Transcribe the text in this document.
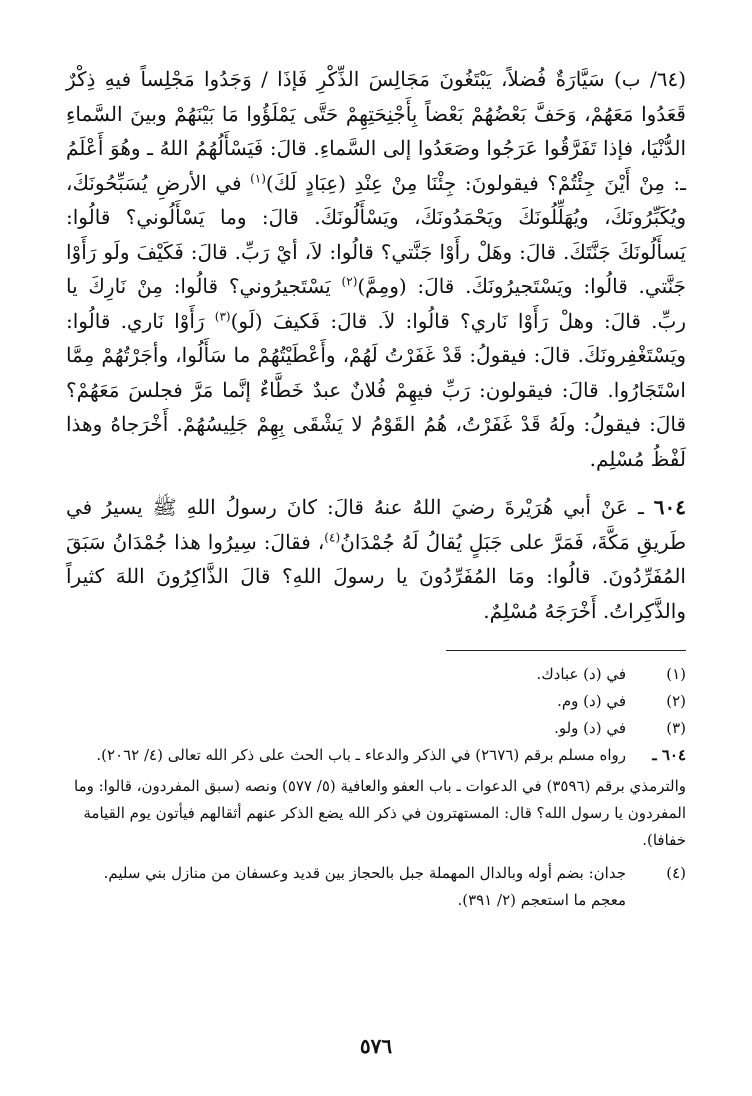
(٦٤/ ب) سَيَّارَةٌ فُضلاً، يَبْتَغُونَ مَجَالِسَ الذِّكْرِ فَإذَا / وَجَدُوا مَجْلِساً فيهِ ذِكْرٌ قَعَدُوا مَعَهُمْ، وَحَفَّ بَعْضُهُمْ بَعْضاً بِأَجْنِحَتِهِمْ حَتَّى يَمْلَؤُوا مَا بَيْنَهُمْ وبينَ السَّماءِ الدُّنْيَا، فإذا تَفَرَّقُوا عَرَجُوا وصَعَدُوا إلى السَّماءِ. قالَ: فَيَسْأَلُهُمُ اللهُ ـ وهُوَ أَعْلَمُ ـ: مِنْ أَيْنَ جِئْتُمْ؟ فيقولونَ: جِئْنَا مِنْ عِنْدِ (عِبَادٍ لَكَ)$^{(١)}$ في الأرضِ يُسَبِّحُونَكَ، ويُكَبِّرُونَكَ، ويُهَلِّلُونَكَ ويَحْمَدُونَكَ، ويَسْأَلُونَكَ. قالَ: وما يَسْأَلُوني؟ قالُوا: يَسأَلُونَكَ جَنَّتَكَ. قالَ: وهَلْ رأَوْا جَنَّتي؟ قالُوا: لاَ، أيْ رَبِّ. قالَ: فَكَيْفَ ولَو رَأَوْا جَنَّتي. قالُوا: ويَسْتَجيرُونَكَ. قالَ: (ومِمَّ)$^{(٢)}$ يَسْتَجيرُوني؟ قالُوا: مِنْ نَارِكَ يا ربِّ. قالَ: وهلْ رَأَوْا نَاري؟ قالُوا: لاَ. قالَ: فَكيفَ (لَو)$^{(٣)}$ رَأَوْا نَاري. قالُوا: ويَسْتَغْفِرونَكَ. قالَ: فيقولُ: قَدْ غَفَرْتُ لَهُمْ، وأَعْطَيْتُهُمْ ما سَأَلُوا، وأجَرْتُهُمْ مِمَّا اسْتَجَارُوا. قالَ: فيقولون: رَبِّ فيهِمْ فُلانٌ عبدٌ خَطَّاءٌ إنَّما مَرَّ فجلسَ مَعَهُمْ؟ قالَ: فيقولُ: ولَهُ قَدْ غَفَرْتُ، هُمُ القَوْمُ لا يَشْقَى بِهِمْ جَلِيسُهُمْ. أَخْرَجاهُ وهذا لَفْظُ مُسْلِم.

٦٠٤ ـ عَنْ أبي هُرَيْرةَ رضيَ اللهُ عنهُ قالَ: كانَ رسولُ اللهِ ﷺ يسيرُ في طَريقِ مَكَّةَ، فَمَرَّ على جَبَلٍ يُقالُ لَهُ جُمْدَانُ$^{(٤)}$، فقالَ: سِيرُوا هذا جُمْدَانُ سَبَقَ المُفَرِّدُونَ. قالُوا: ومَا المُفَرِّدُونَ يا رسولَ اللهِ؟ قالَ الذَّاكِرُونَ اللهَ كثيراً والذَّكِراتُ. أَخْرَجَهُ مُسْلِمٌ.

(١)
في (د) عبادك.
(٢)
في (د) وم.
(٣)
في (د) ولو.
٦٠٤ ـ
رواه مسلم برقم (٢٦٧٦) في الذكر والدعاء ـ باب الحث على ذكر الله تعالى (٤/ ٢٠٦٢).
والترمذي برقم (٣٥٩٦) في الدعوات ـ باب العفو والعافية (٥/ ٥٧٧) ونصه (سبق المفردون، قالوا: وما المفردون يا رسول الله؟ قال: المستهترون في ذكر الله يضع الذكر عنهم أثقالهم فيأتون يوم القيامة خفافا).
(٤)
جدان: بضم أوله وبالدال المهملة جبل بالحجاز بين قديد وعسفان من منازل بني سليم. معجم ما استعجم (٢/ ٣٩١).
٥٧٦
